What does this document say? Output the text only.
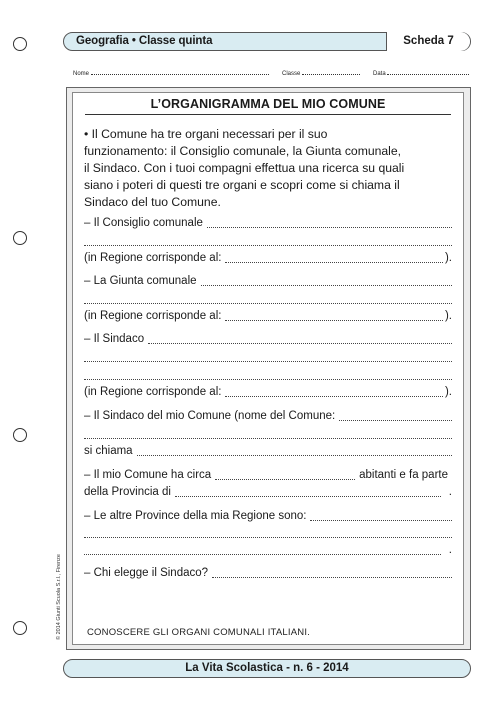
Geografia • Classe quinta	Scheda 7
Nome	Classe	Data
L’ORGANIGRAMMA DEL MIO COMUNE
• Il Comune ha tre organi necessari per il suo
funzionamento: il Consiglio comunale, la Giunta comunale,
il Sindaco. Con i tuoi compagni effettua una ricerca su quali
siano i poteri di questi tre organi e scopri come si chiama il
Sindaco del tuo Comune.
– Il Consiglio comunale
(in Regione corrisponde al:	).
– La Giunta comunale
(in Regione corrisponde al:	).
– Il Sindaco
(in Regione corrisponde al:	).
– Il Sindaco del mio Comune (nome del Comune:
si chiama
– Il mio Comune ha circa	abitanti e fa parte
della Provincia di	.
– Le altre Province della mia Regione sono:
.
– Chi elegge il Sindaco?
CONOSCERE GLI ORGANI COMUNALI ITALIANI.
© 2014 Giunti Scuola S.r.l., Firenze
La Vita Scolastica - n. 6 - 2014
